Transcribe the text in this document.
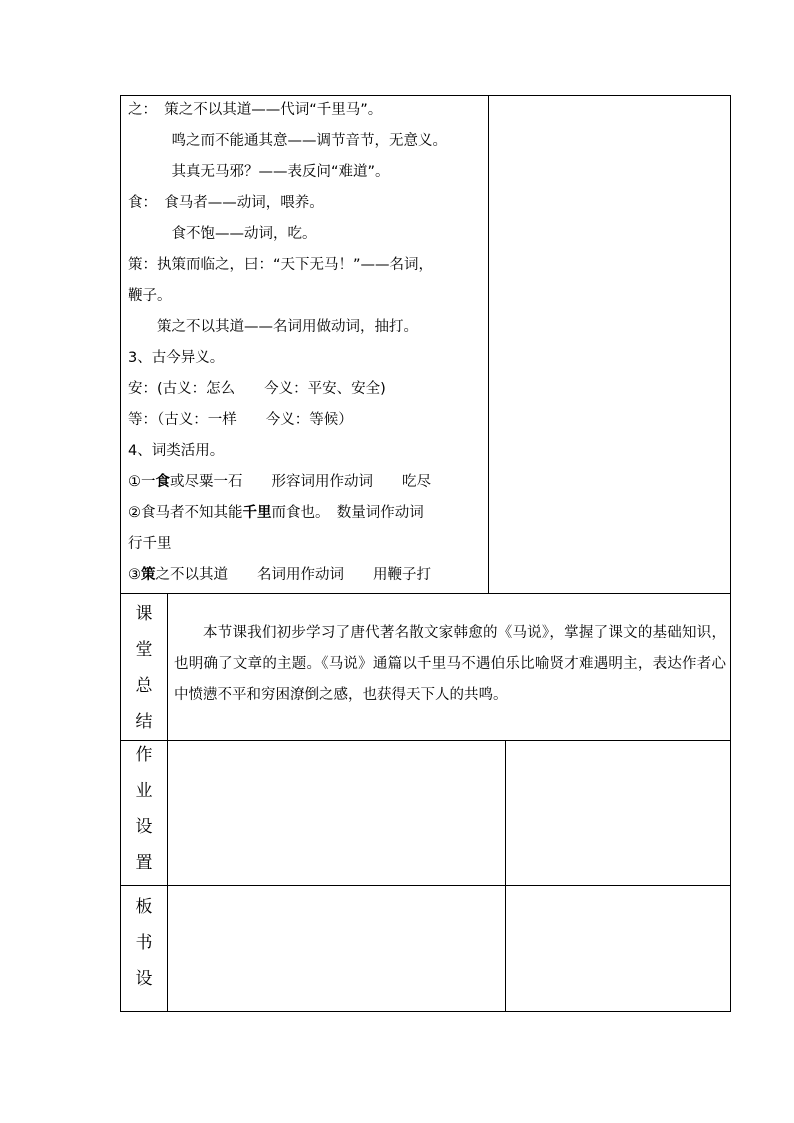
之：　策之不以其道——代词“千里马”。
　　　鸣之而不能通其意——调节音节，无意义。
　　　其真无马邪？——表反问“难道”。
食：　食马者——动词，喂养。
　　　食不饱——动词，吃。
策：执策而临之，曰：“天下无马！”——名词，
鞭子。
　　策之不以其道——名词用做动词，抽打。
3、古今异义。
安：(古义：怎么　　今义：平安、安全)
等：（古义：一样　　今义：等候）
4、词类活用。
①一食或尽粟一石　　形容词用作动词　　吃尽
②食马者不知其能千里而食也。　数量词作动词
行千里
③策之不以其道　　名词用作动词　　用鞭子打
课
堂
总
结
本节课我们初步学习了唐代著名散文家韩愈的《马说》，掌握了课文的基础知识，也明确了文章的主题。《马说》通篇以千里马不遇伯乐比喻贤才难遇明主，表达作者心中愤懑不平和穷困潦倒之感，也获得天下人的共鸣。
作
业
设
置
板
书
设
